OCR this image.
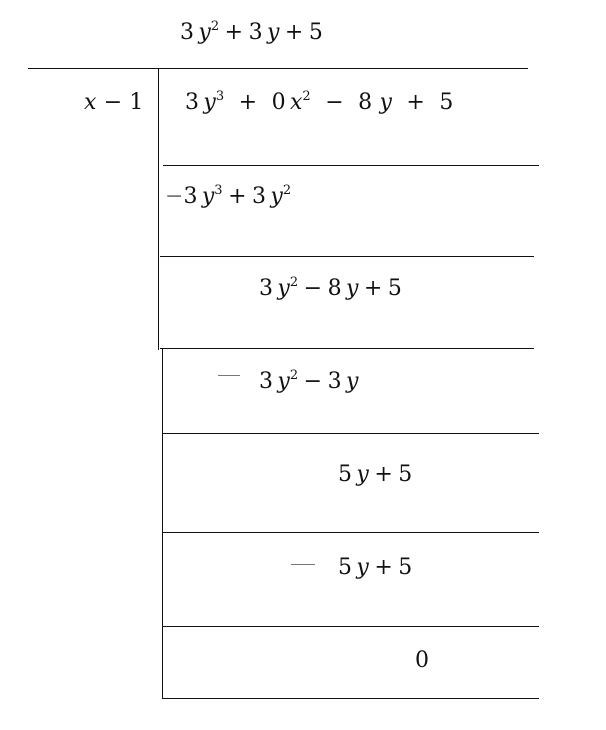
3  $y^2$  +  3  y  +  5
x  −  1 3  $y^3$   +   0  $x^2$   −   8  y   +   5
−3  $y^3$  +  3  $y^2$
3  $y^2$  −  8  y  +  5
3  $y^2$  −  3  y
5  y  +  5
5  y  +  5
0
